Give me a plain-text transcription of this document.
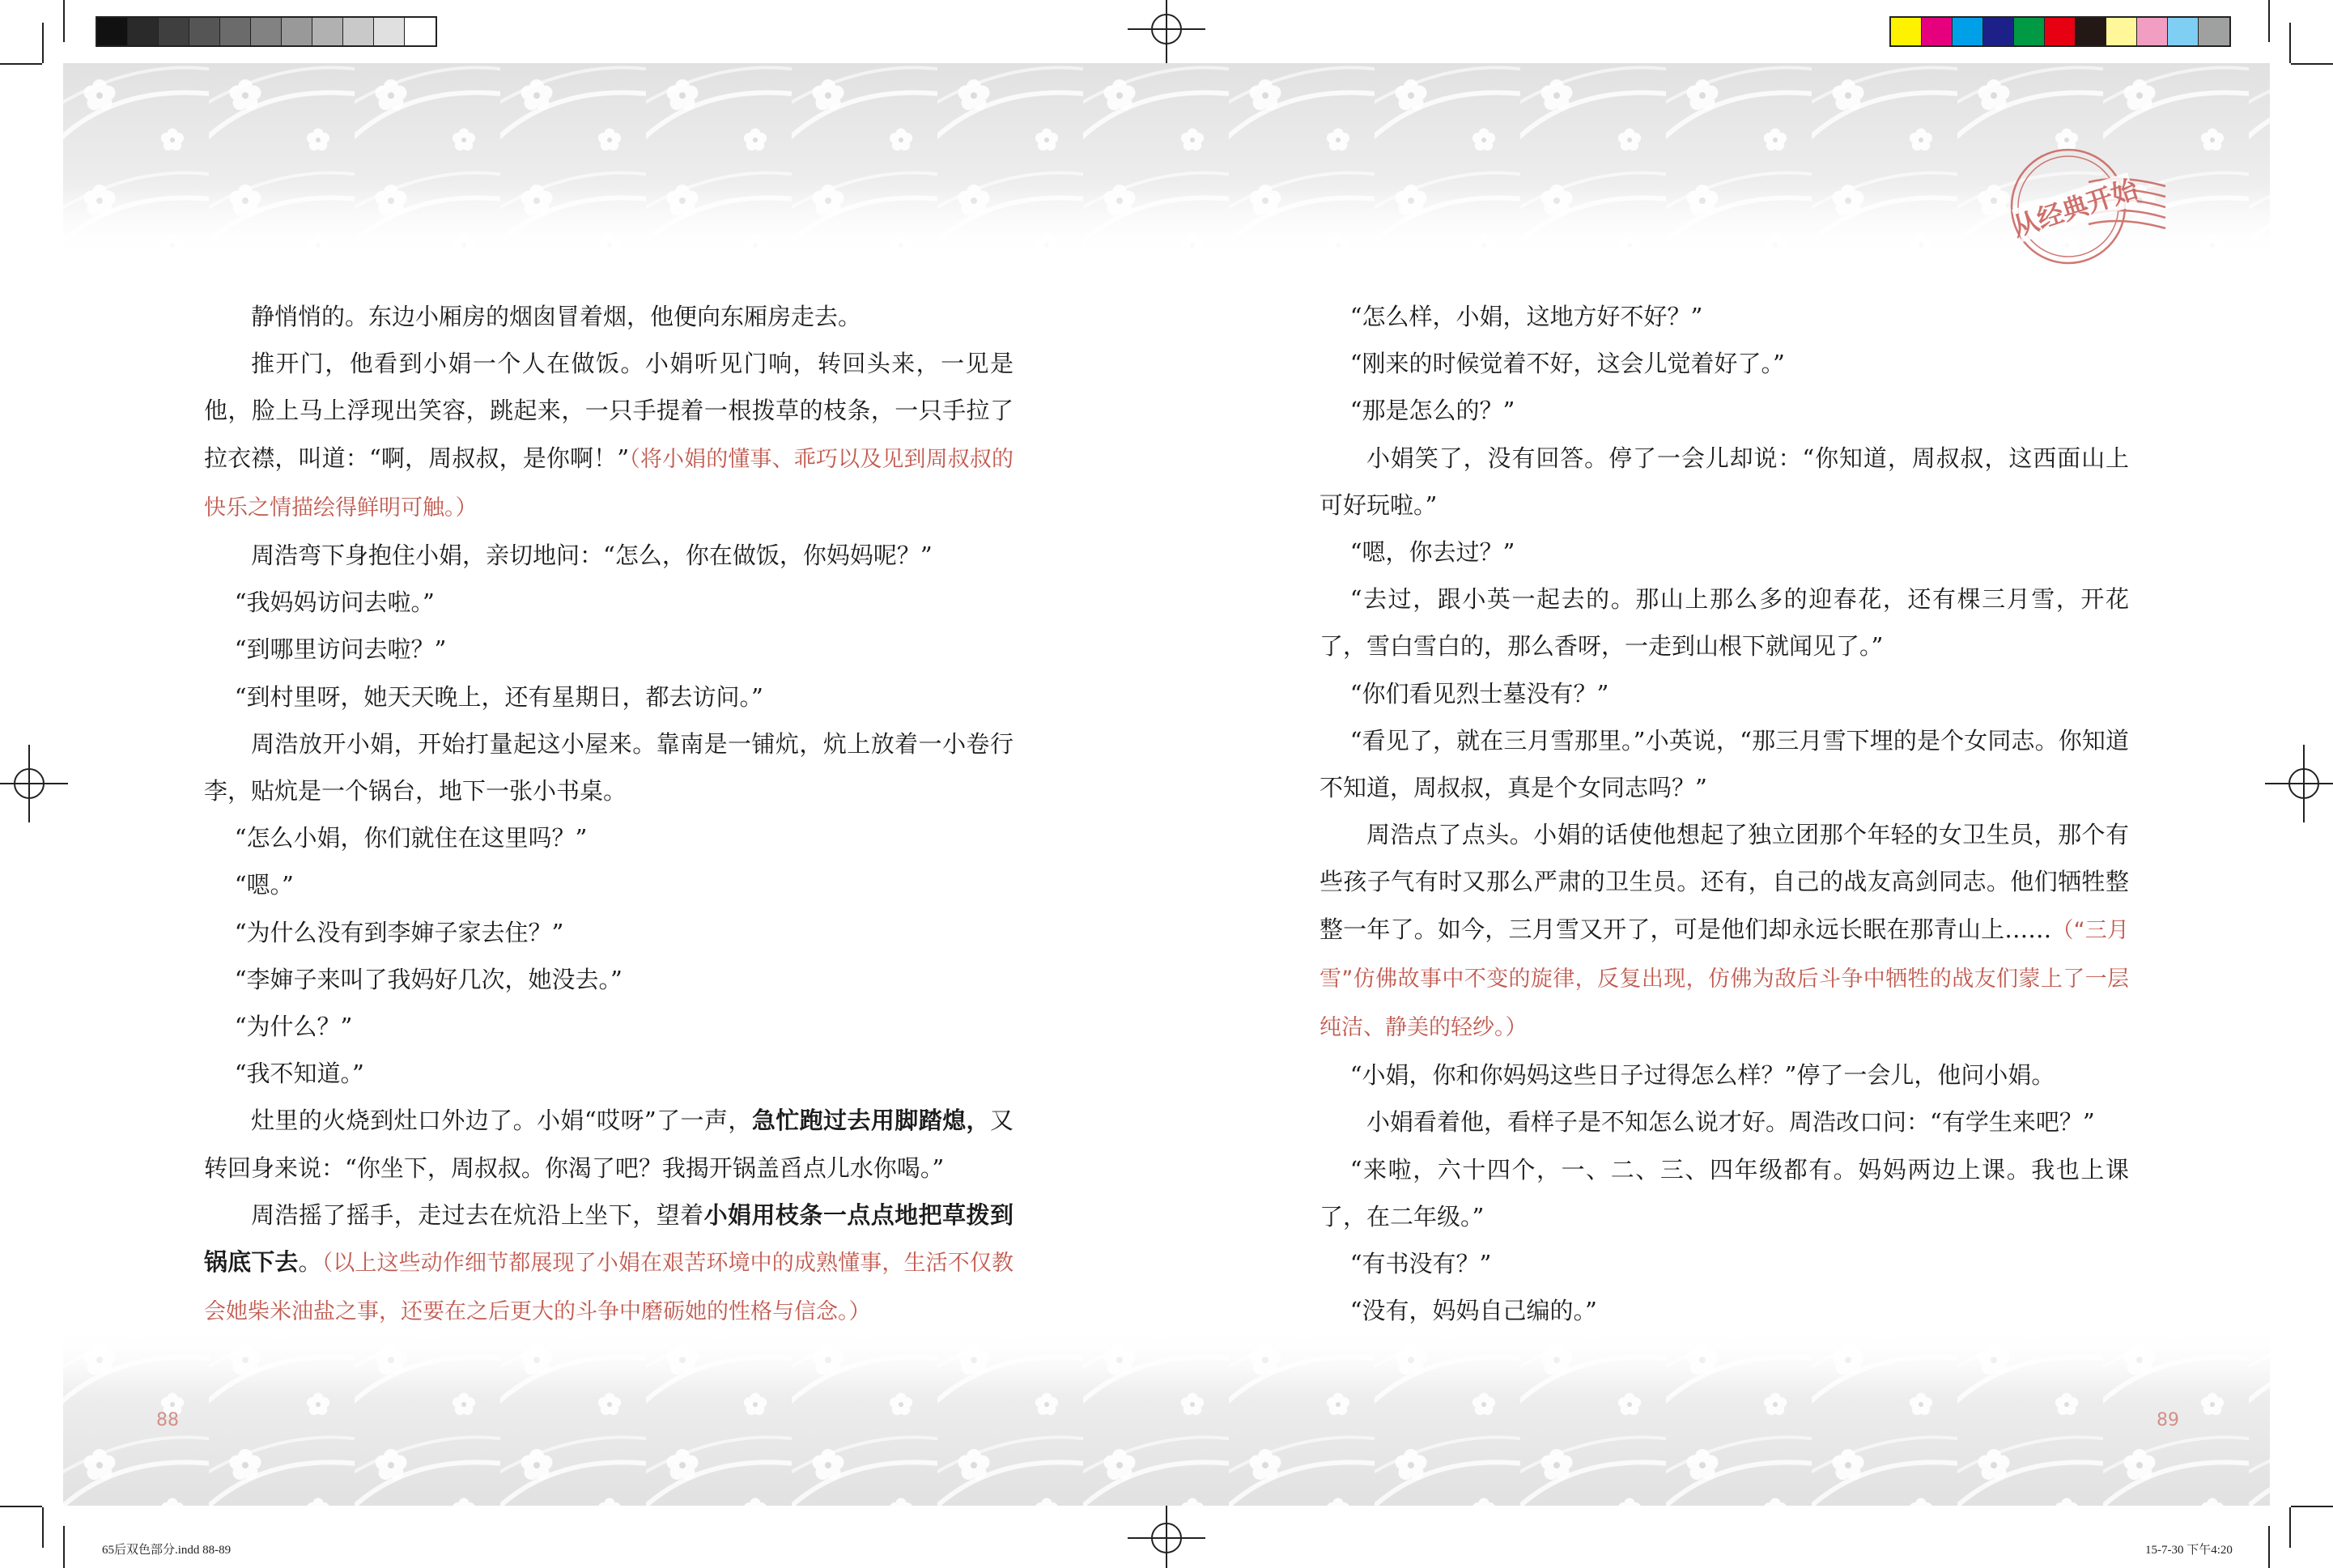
从经典开始

静悄悄的。东边小厢房的烟囱冒着烟，他便向东厢房走去。

推开门，他看到小娟一个人在做饭。小娟听见门响，转回头来，一见是他，脸上马上浮现出笑容，跳起来，一只手提着一根拨草的枝条，一只手拉了拉衣襟，叫道：“啊，周叔叔，是你啊！”（将小娟的懂事、乖巧以及见到周叔叔的快乐之情描绘得鲜明可触。）

周浩弯下身抱住小娟，亲切地问：“怎么，你在做饭，你妈妈呢？”

“我妈妈访问去啦。”

“到哪里访问去啦？”

“到村里呀，她天天晚上，还有星期日，都去访问。”

周浩放开小娟，开始打量起这小屋来。靠南是一铺炕，炕上放着一小卷行李，贴炕是一个锅台，地下一张小书桌。

“怎么小娟，你们就住在这里吗？”

“嗯。”

“为什么没有到李婶子家去住？”

“李婶子来叫了我妈好几次，她没去。”

“为什么？”

“我不知道。”

灶里的火烧到灶口外边了。小娟“哎呀”了一声，急忙跑过去用脚踏熄，又转回身来说：“你坐下，周叔叔。你渴了吧？我揭开锅盖舀点儿水你喝。”

周浩摇了摇手，走过去在炕沿上坐下，望着小娟用枝条一点点地把草拨到锅底下去。（以上这些动作细节都展现了小娟在艰苦环境中的成熟懂事，生活不仅教会她柴米油盐之事，还要在之后更大的斗争中磨砺她的性格与信念。）

“怎么样，小娟，这地方好不好？”

“刚来的时候觉着不好，这会儿觉着好了。”

“那是怎么的？”

小娟笑了，没有回答。停了一会儿却说：“你知道，周叔叔，这西面山上可好玩啦。”

“嗯，你去过？”

“去过，跟小英一起去的。那山上那么多的迎春花，还有棵三月雪，开花了，雪白雪白的，那么香呀，一走到山根下就闻见了。”

“你们看见烈士墓没有？”

“看见了，就在三月雪那里。”小英说，“那三月雪下埋的是个女同志。你知道不知道，周叔叔，真是个女同志吗？”

周浩点了点头。小娟的话使他想起了独立团那个年轻的女卫生员，那个有些孩子气有时又那么严肃的卫生员。还有，自己的战友高剑同志。他们牺牲整整一年了。如今，三月雪又开了，可是他们却永远长眠在那青山上……（“三月雪”仿佛故事中不变的旋律，反复出现，仿佛为敌后斗争中牺牲的战友们蒙上了一层纯洁、静美的轻纱。）

“小娟，你和你妈妈这些日子过得怎么样？”停了一会儿，他问小娟。

小娟看着他，看样子是不知怎么说才好。周浩改口问：“有学生来吧？”

“来啦，六十四个，一、二、三、四年级都有。妈妈两边上课。我也上课了，在二年级。”

“有书没有？”

“没有，妈妈自己编的。”

88	89
65后双色部分.indd 88-89	15-7-30 下午4:20
